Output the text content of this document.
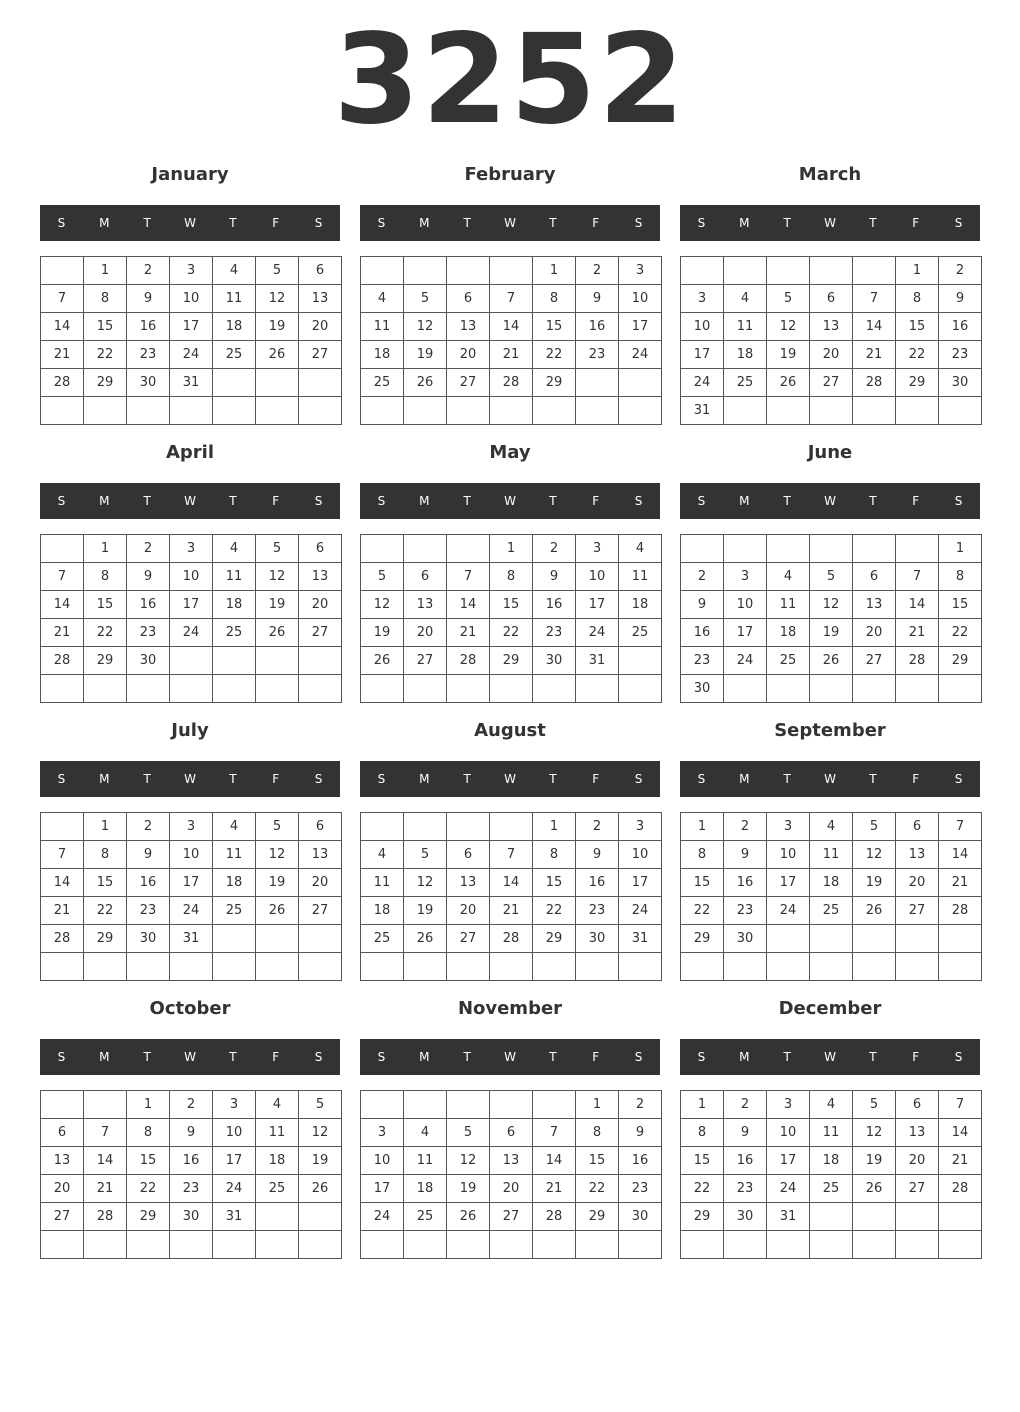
3252
January
S	M	T	W	T	F	S
	1	2	3	4	5	6
7	8	9	10	11	12	13
14	15	16	17	18	19	20
21	22	23	24	25	26	27
28	29	30	31			

February
S	M	T	W	T	F	S
				1	2	3
4	5	6	7	8	9	10
11	12	13	14	15	16	17
18	19	20	21	22	23	24
25	26	27	28	29		

March
S	M	T	W	T	F	S
					1	2
3	4	5	6	7	8	9
10	11	12	13	14	15	16
17	18	19	20	21	22	23
24	25	26	27	28	29	30
31						
April
S	M	T	W	T	F	S
	1	2	3	4	5	6
7	8	9	10	11	12	13
14	15	16	17	18	19	20
21	22	23	24	25	26	27
28	29	30				

May
S	M	T	W	T	F	S
			1	2	3	4
5	6	7	8	9	10	11
12	13	14	15	16	17	18
19	20	21	22	23	24	25
26	27	28	29	30	31	

June
S	M	T	W	T	F	S
						1
2	3	4	5	6	7	8
9	10	11	12	13	14	15
16	17	18	19	20	21	22
23	24	25	26	27	28	29
30						
July
S	M	T	W	T	F	S
	1	2	3	4	5	6
7	8	9	10	11	12	13
14	15	16	17	18	19	20
21	22	23	24	25	26	27
28	29	30	31			

August
S	M	T	W	T	F	S
				1	2	3
4	5	6	7	8	9	10
11	12	13	14	15	16	17
18	19	20	21	22	23	24
25	26	27	28	29	30	31

September
S	M	T	W	T	F	S
1	2	3	4	5	6	7
8	9	10	11	12	13	14
15	16	17	18	19	20	21
22	23	24	25	26	27	28
29	30					

October
S	M	T	W	T	F	S
		1	2	3	4	5
6	7	8	9	10	11	12
13	14	15	16	17	18	19
20	21	22	23	24	25	26
27	28	29	30	31		

November
S	M	T	W	T	F	S
					1	2
3	4	5	6	7	8	9
10	11	12	13	14	15	16
17	18	19	20	21	22	23
24	25	26	27	28	29	30

December
S	M	T	W	T	F	S
1	2	3	4	5	6	7
8	9	10	11	12	13	14
15	16	17	18	19	20	21
22	23	24	25	26	27	28
29	30	31				
